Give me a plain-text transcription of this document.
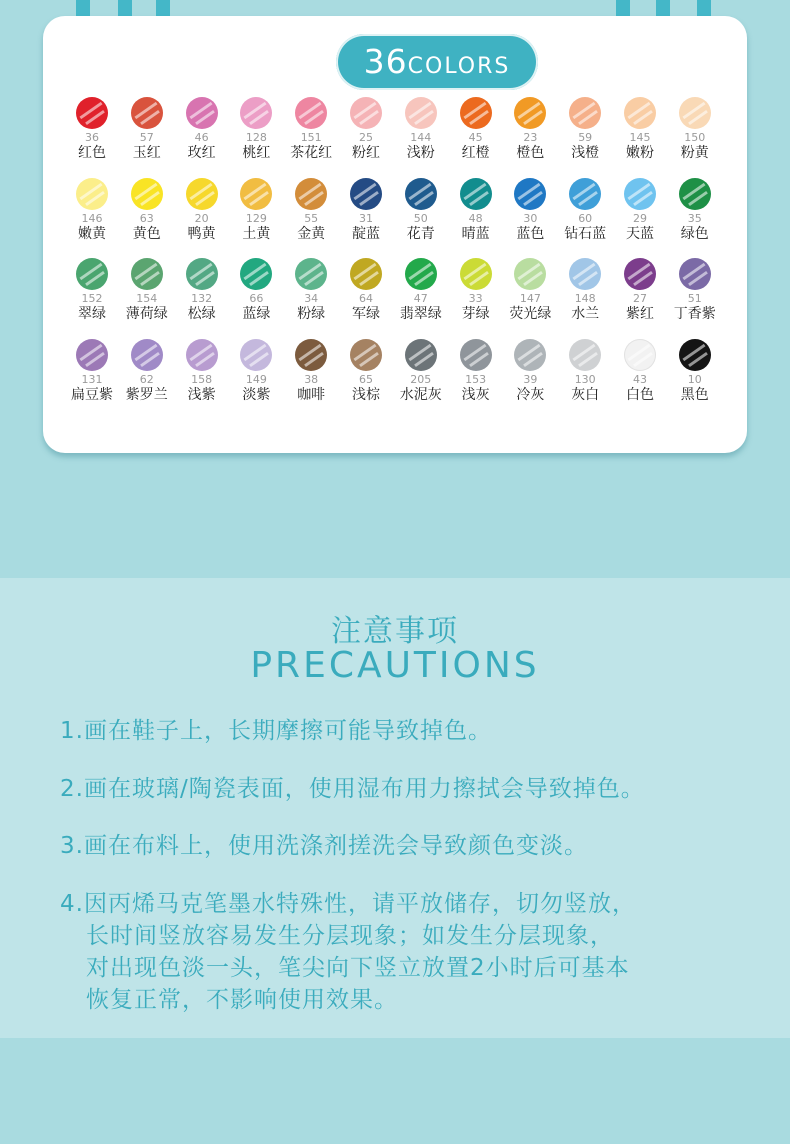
36COLORS
36
红色
57
玉红
46
玫红
128
桃红
151
茶花红
25
粉红
144
浅粉
45
红橙
23
橙色
59
浅橙
145
嫩粉
150
粉黄
146
嫩黄
63
黄色
20
鸭黄
129
土黄
55
金黄
31
靛蓝
50
花青
48
晴蓝
30
蓝色
60
钻石蓝
29
天蓝
35
绿色
152
翠绿
154
薄荷绿
132
松绿
66
蓝绿
34
粉绿
64
军绿
47
翡翠绿
33
芽绿
147
荧光绿
148
水兰
27
紫红
51
丁香紫
131
扁豆紫
62
紫罗兰
158
浅紫
149
淡紫
38
咖啡
65
浅棕
205
水泥灰
153
浅灰
39
冷灰
130
灰白
43
白色
10
黑色
注意事项
PRECAUTIONS
1.画在鞋子上，长期摩擦可能导致掉色。
2.画在玻璃/陶瓷表面，使用湿布用力擦拭会导致掉色。
3.画在布料上，使用洗涤剂搓洗会导致颜色变淡。
4.因丙烯马克笔墨水特殊性，请平放储存，切勿竖放，
长时间竖放容易发生分层现象；如发生分层现象，
对出现色淡一头，笔尖向下竖立放置2小时后可基本
恢复正常，不影响使用效果。
